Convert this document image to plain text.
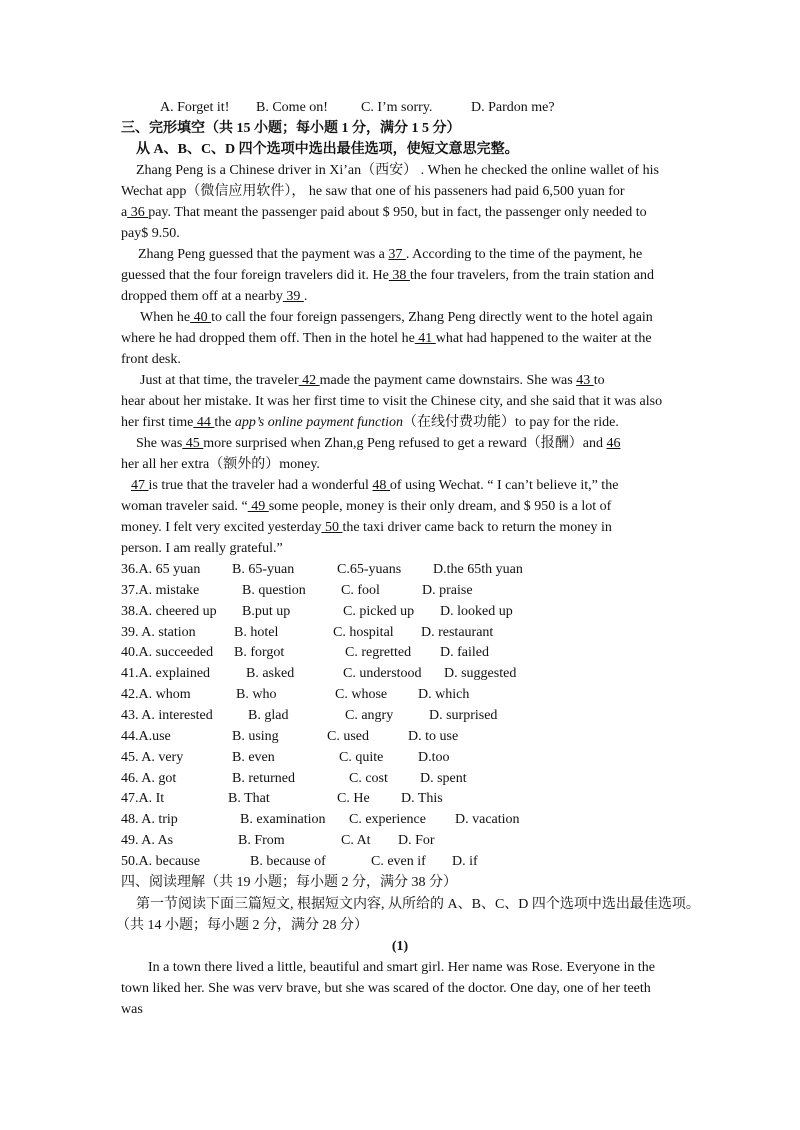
A. Forget it! B. Come on! C. I’m sorry.	D. Pardon me?
三、完形填空（共 15 小题；每小题 1 分，满分 1 5 分）
从 A、B、C、D 四个选项中选出最佳选项，使短文意思完整。
Zhang Peng is a Chinese driver in Xi’an（西安） . When he checked the online wallet of his
Wechat app（微信应用软件）， he saw that one of his passeners had paid 6,500 yuan for
a 36 pay. That meant the passenger paid about $ 950, but in fact, the passenger only needed to
pay$ 9.50.
Zhang Peng guessed that the payment was a 37 . According to the time of the payment, he
guessed that the four foreign travelers did it. He 38 the four travelers, from the train station and
dropped them off at a nearby 39 .
When he 40 to call the four foreign passengers, Zhang Peng directly went to the hotel again
where he had dropped them off. Then in the hotel he 41 what had happened to the waiter at the
front desk.
Just at that time, the traveler 42 made the payment came downstairs. She was 43 to
hear about her mistake. It was her first time to visit the Chinese city, and she said that it was also
her first time 44 the app’s online payment function（在线付费功能）to pay for the ride.
She was 45 more surprised when Zhan,g Peng refused to get a reward（报酬）and 46
her all her extra（额外的）money.
47 is true that the traveler had a wonderful 48 of using Wechat. “ I can’t believe it,” the
woman traveler said. “ 49 some people, money is their only dream, and $ 950 is a lot of
money. I felt very excited yesterday 50 the taxi driver came back to return the money in
person. I am really grateful.”
36.A. 65 yuan B. 65-yuan	C.65-yuans D.the 65th yuan
37.A. mistake	B. question	C. fool	D. praise
38.A. cheered up B.put up	C. picked up D. looked up
39. A. station	B. hotel	C. hospital D. restaurant
40.A. succeeded B. forgot	C. regretted D. failed
41.A. explained	B. asked	C. understood D. suggested
42.A. whom	B. who	C. whose D. which
43. A. interested	B. glad	C. angry	D. surprised
44.A.use	B. using	C. used	D. to use
45. A. very	B. even	C. quite D.too
46. A. got	B. returned	C. cost D. spent
47.A. It	B. That	C. He D. This
48. A. trip	B. examination C. experience D. vacation
49. A. As	B. From	C. At D. For
50.A. because	B. because of	C. even if D. if
四、阅读理解（共 19 小题；每小题 2 分，满分 38 分）
第一节阅读下面三篇短文, 根据短文内容, 从所给的 A、B、C、D 四个选项中选出最佳选项。
（共 14 小题；每小题 2 分，满分 28 分）
(1)
In a town there lived a little, beautiful and smart girl. Her name was Rose. Everyone in the
town liked her. She was verv brave, but she was scared of the doctor. One day, one of her teeth
was
